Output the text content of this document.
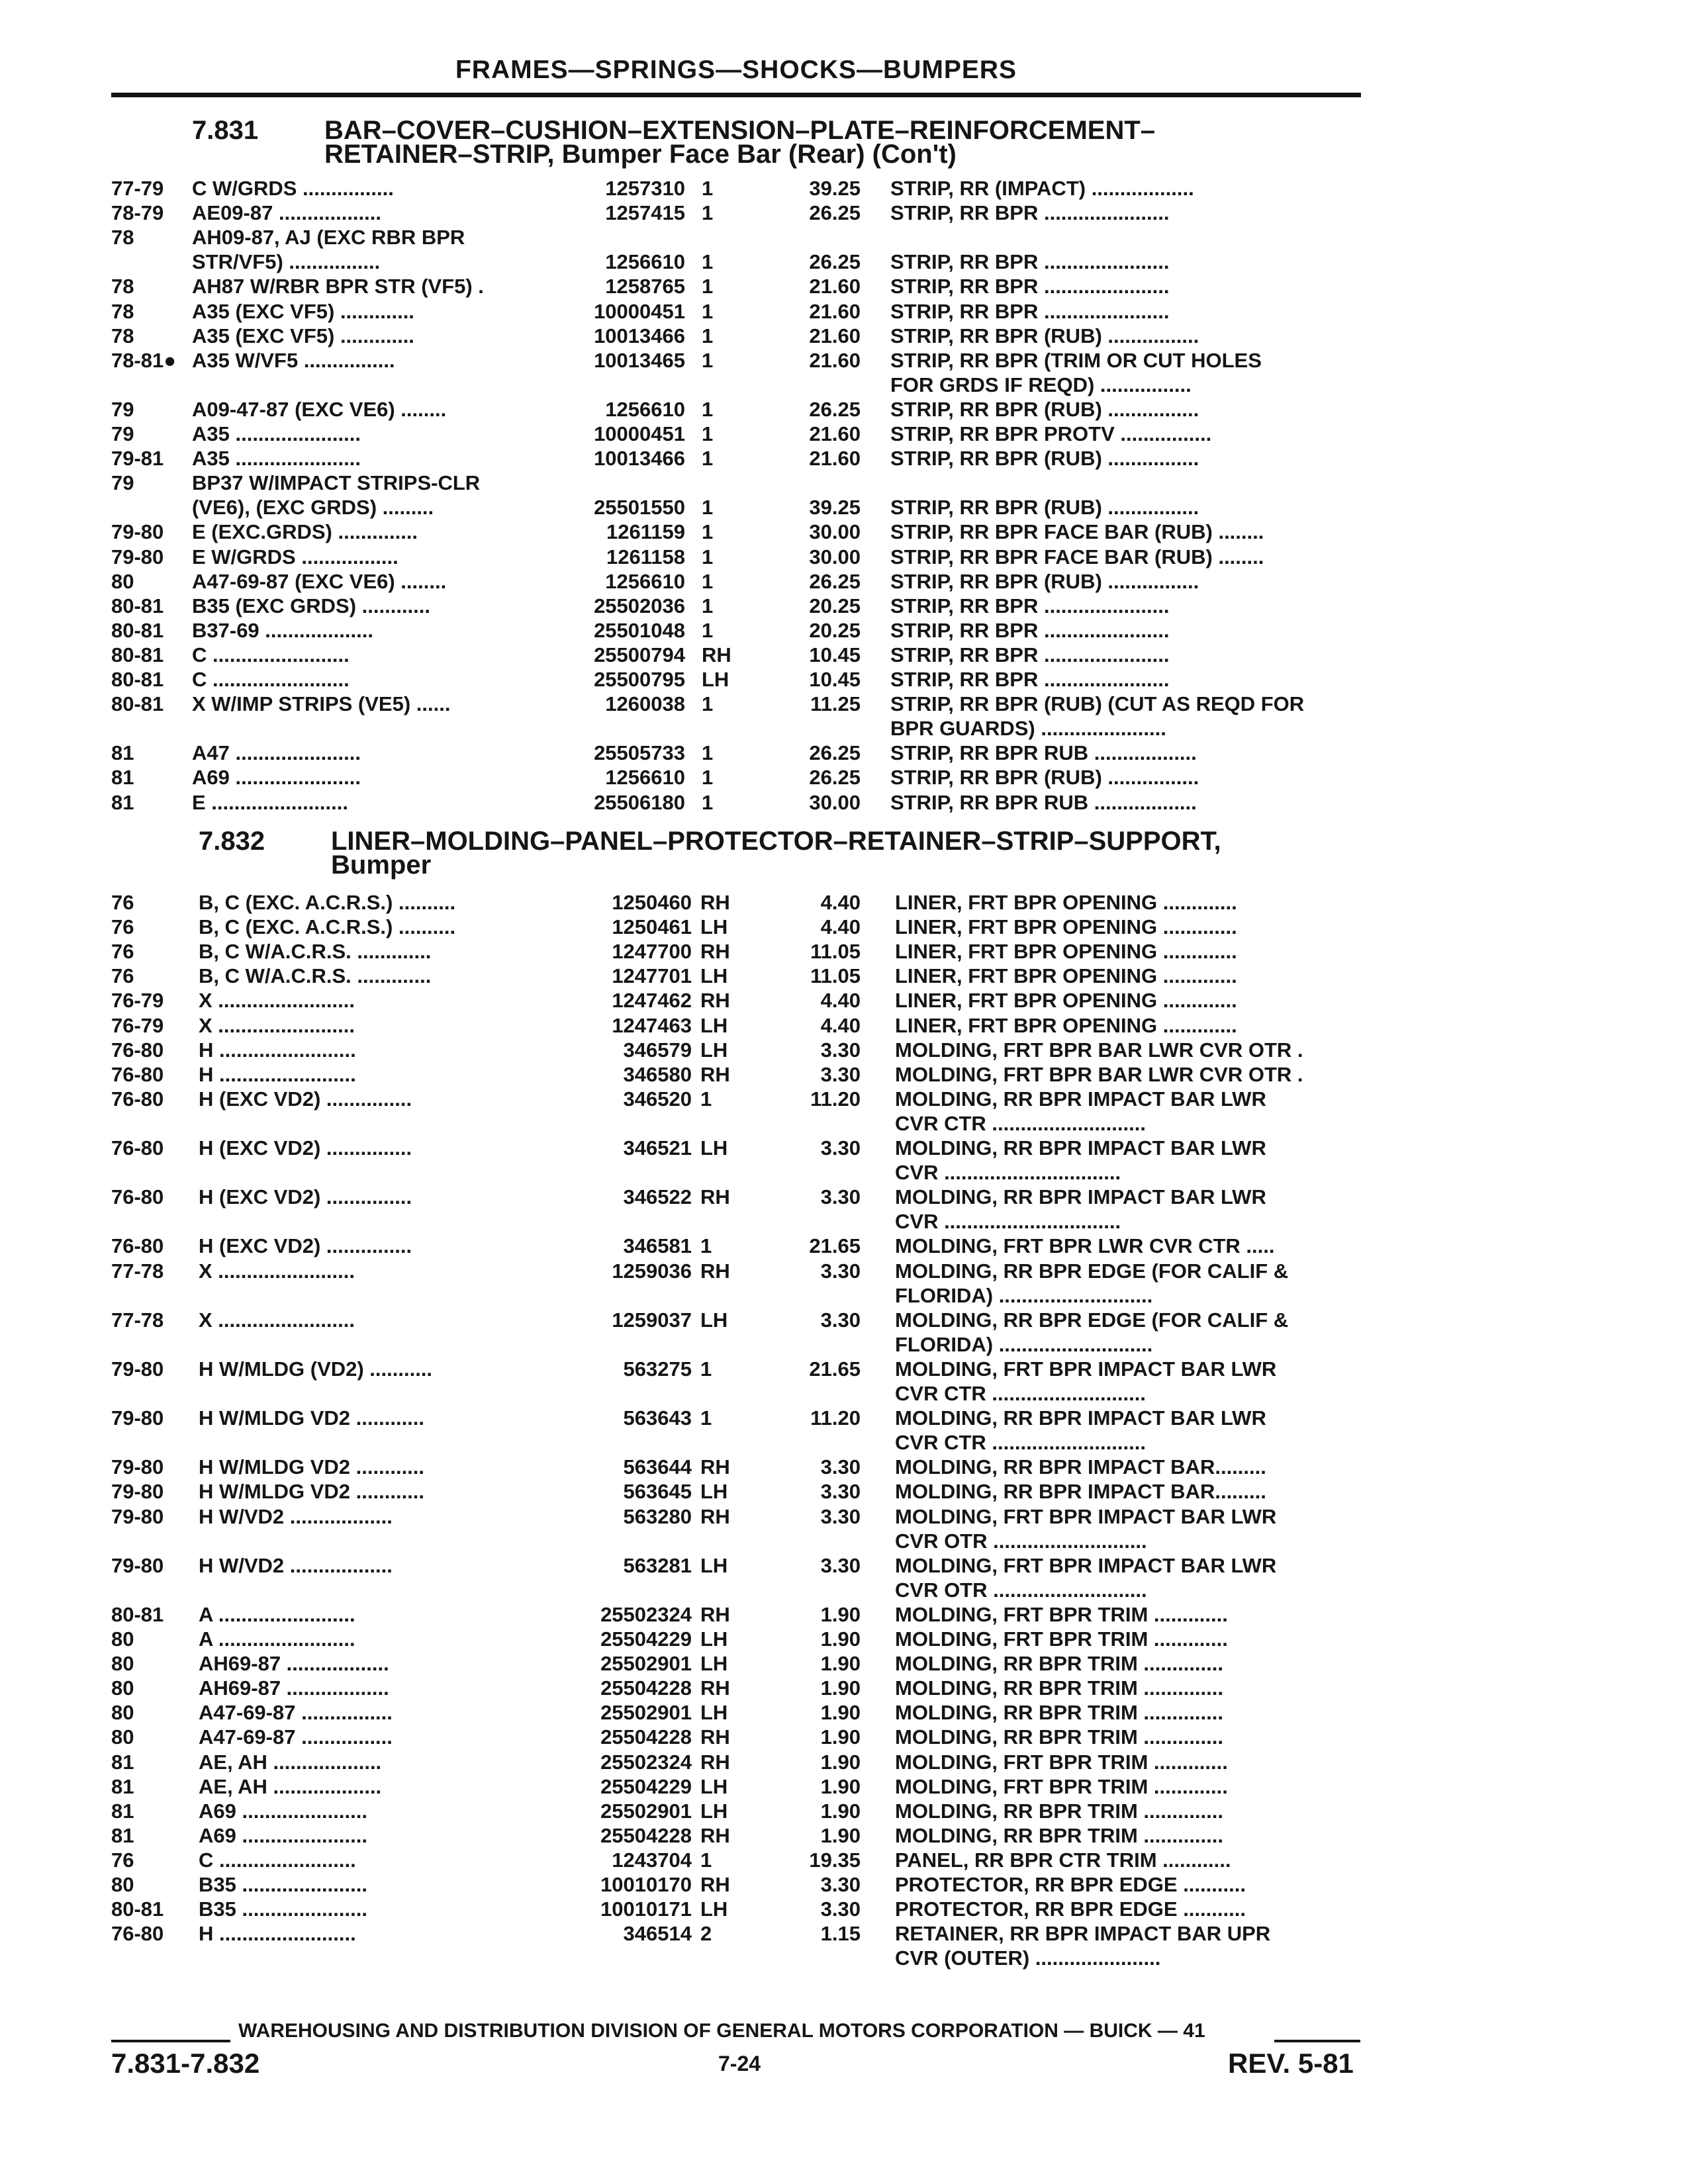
FRAMES—SPRINGS—SHOCKS—BUMPERS
7.831 BAR–COVER–CUSHION–EXTENSION–PLATE–REINFORCEMENT–
RETAINER–STRIP, Bumper Face Bar (Rear) (Con't)
77-79	C W/GRDS ................	1257310 1	39.25 STRIP, RR (IMPACT) ..................
78-79	AE09-87 ..................	1257415 1	26.25 STRIP, RR BPR ......................
78	AH09-87, AJ (EXC RBR BPR
STR/VF5) ................	1256610 1	26.25 STRIP, RR BPR ......................
78	AH87 W/RBR BPR STR (VF5) .	1258765 1	21.60 STRIP, RR BPR ......................
78	A35 (EXC VF5) .............	10000451 1	21.60 STRIP, RR BPR ......................
78	A35 (EXC VF5) .............	10013466 1	21.60 STRIP, RR BPR (RUB) ................
78-81● A35 W/VF5 ................	10013465 1	21.60 STRIP, RR BPR (TRIM OR CUT HOLES
FOR GRDS IF REQD) ................
79	A09-47-87 (EXC VE6) ........	1256610 1	26.25 STRIP, RR BPR (RUB) ................
79	A35 ......................	10000451 1	21.60 STRIP, RR BPR PROTV ................
79-81	A35 ......................	10013466 1	21.60 STRIP, RR BPR (RUB) ................
79	BP37 W/IMPACT STRIPS-CLR
(VE6), (EXC GRDS) .........	25501550 1	39.25 STRIP, RR BPR (RUB) ................
79-80	E (EXC.GRDS) ..............	1261159 1	30.00 STRIP, RR BPR FACE BAR (RUB) ........
79-80	E W/GRDS .................	1261158 1	30.00 STRIP, RR BPR FACE BAR (RUB) ........
80	A47-69-87 (EXC VE6) ........	1256610 1	26.25 STRIP, RR BPR (RUB) ................
80-81	B35 (EXC GRDS) ............	25502036 1	20.25 STRIP, RR BPR ......................
80-81	B37-69 ...................	25501048 1	20.25 STRIP, RR BPR ......................
80-81	C ........................	25500794 RH	10.45 STRIP, RR BPR ......................
80-81	C ........................	25500795 LH	10.45 STRIP, RR BPR ......................
80-81	X W/IMP STRIPS (VE5) ......	1260038 1	11.25 STRIP, RR BPR (RUB) (CUT AS REQD FOR
BPR GUARDS) ......................
81	A47 ......................	25505733 1	26.25 STRIP, RR BPR RUB ..................
81	A69 ......................	1256610 1	26.25 STRIP, RR BPR (RUB) ................
81	E ........................	25506180 1	30.00 STRIP, RR BPR RUB ..................
7.832 LINER–MOLDING–PANEL–PROTECTOR–RETAINER–STRIP–SUPPORT,
Bumper
76	B, C (EXC. A.C.R.S.) ..........	1250460 RH	4.40 LINER, FRT BPR OPENING .............
76	B, C (EXC. A.C.R.S.) ..........	1250461 LH	4.40 LINER, FRT BPR OPENING .............
76	B, C W/A.C.R.S. .............	1247700 RH	11.05 LINER, FRT BPR OPENING .............
76	B, C W/A.C.R.S. .............	1247701 LH	11.05 LINER, FRT BPR OPENING .............
76-79	X ........................	1247462 RH	4.40 LINER, FRT BPR OPENING .............
76-79	X ........................	1247463 LH	4.40 LINER, FRT BPR OPENING .............
76-80	H ........................	346579 LH	3.30 MOLDING, FRT BPR BAR LWR CVR OTR .
76-80	H ........................	346580 RH	3.30 MOLDING, FRT BPR BAR LWR CVR OTR .
76-80	H (EXC VD2) ...............	346520 1	11.20 MOLDING, RR BPR IMPACT BAR LWR
CVR CTR ...........................
76-80	H (EXC VD2) ...............	346521 LH	3.30 MOLDING, RR BPR IMPACT BAR LWR
CVR ...............................
76-80	H (EXC VD2) ...............	346522 RH	3.30 MOLDING, RR BPR IMPACT BAR LWR
CVR ...............................
76-80	H (EXC VD2) ...............	346581 1	21.65 MOLDING, FRT BPR LWR CVR CTR .....
77-78	X ........................	1259036 RH	3.30 MOLDING, RR BPR EDGE (FOR CALIF &
FLORIDA) ...........................
77-78	X ........................	1259037 LH	3.30 MOLDING, RR BPR EDGE (FOR CALIF &
FLORIDA) ...........................
79-80	H W/MLDG (VD2) ...........	563275 1	21.65 MOLDING, FRT BPR IMPACT BAR LWR
CVR CTR ...........................
79-80	H W/MLDG VD2 ............	563643 1	11.20 MOLDING, RR BPR IMPACT BAR LWR
CVR CTR ...........................
79-80	H W/MLDG VD2 ............	563644 RH	3.30 MOLDING, RR BPR IMPACT BAR.........
79-80	H W/MLDG VD2 ............	563645 LH	3.30 MOLDING, RR BPR IMPACT BAR.........
79-80	H W/VD2 ..................	563280 RH	3.30 MOLDING, FRT BPR IMPACT BAR LWR
CVR OTR ...........................
79-80	H W/VD2 ..................	563281 LH	3.30 MOLDING, FRT BPR IMPACT BAR LWR
CVR OTR ...........................
80-81	A ........................	25502324 RH	1.90 MOLDING, FRT BPR TRIM .............
80	A ........................	25504229 LH	1.90 MOLDING, FRT BPR TRIM .............
80	AH69-87 ..................	25502901 LH	1.90 MOLDING, RR BPR TRIM ..............
80	AH69-87 ..................	25504228 RH	1.90 MOLDING, RR BPR TRIM ..............
80	A47-69-87 ................	25502901 LH	1.90 MOLDING, RR BPR TRIM ..............
80	A47-69-87 ................	25504228 RH	1.90 MOLDING, RR BPR TRIM ..............
81	AE, AH ...................	25502324 RH	1.90 MOLDING, FRT BPR TRIM .............
81	AE, AH ...................	25504229 LH	1.90 MOLDING, FRT BPR TRIM .............
81	A69 ......................	25502901 LH	1.90 MOLDING, RR BPR TRIM ..............
81	A69 ......................	25504228 RH	1.90 MOLDING, RR BPR TRIM ..............
76	C ........................	1243704 1	19.35 PANEL, RR BPR CTR TRIM ............
80	B35 ......................	10010170 RH	3.30 PROTECTOR, RR BPR EDGE ...........
80-81	B35 ......................	10010171 LH	3.30 PROTECTOR, RR BPR EDGE ...........
76-80	H ........................	346514 2	1.15 RETAINER, RR BPR IMPACT BAR UPR
CVR (OUTER) ......................
WAREHOUSING AND DISTRIBUTION DIVISION OF GENERAL MOTORS CORPORATION — BUICK — 41
7.831-7.832	7-24	REV. 5-81
